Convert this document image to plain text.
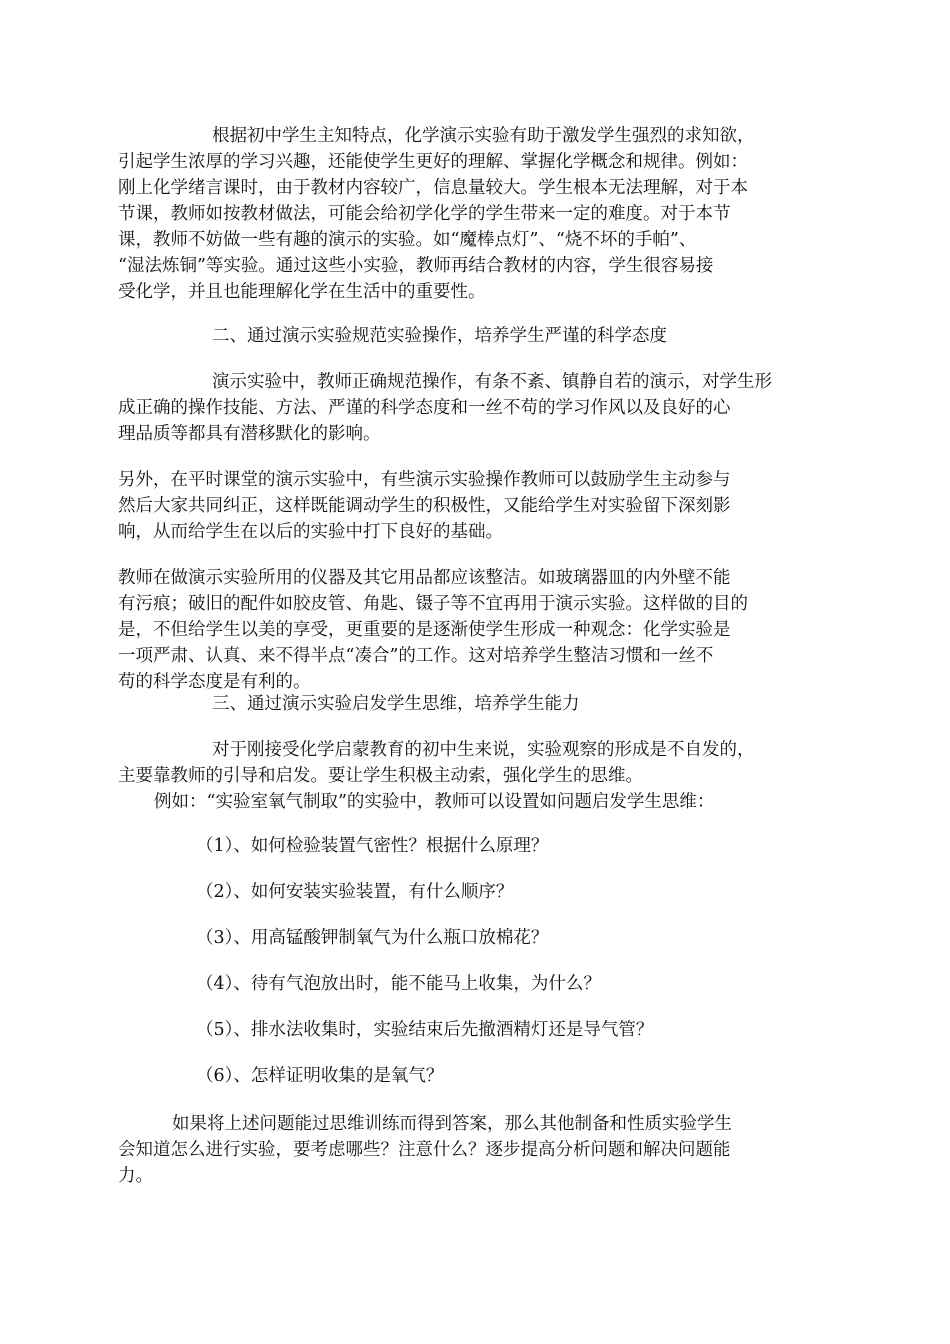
根据初中学生主知特点，化学演示实验有助于激发学生强烈的求知欲，
引起学生浓厚的学习兴趣，还能使学生更好的理解、掌握化学概念和规律。例如：
刚上化学绪言课时，由于教材内容较广，信息量较大。学生根本无法理解，对于本
节课，教师如按教材做法，可能会给初学化学的学生带来一定的难度。对于本节
课，教师不妨做一些有趣的演示的实验。如“魔棒点灯”、“烧不坏的手帕”、
“湿法炼铜”等实验。通过这些小实验，教师再结合教材的内容，学生很容易接
受化学，并且也能理解化学在生活中的重要性。
二、通过演示实验规范实验操作，培养学生严谨的科学态度
演示实验中，教师正确规范操作，有条不紊、镇静自若的演示，对学生形
成正确的操作技能、方法、严谨的科学态度和一丝不苟的学习作风以及良好的心
理品质等都具有潜移默化的影响。
另外，在平时课堂的演示实验中，有些演示实验操作教师可以鼓励学生主动参与
然后大家共同纠正，这样既能调动学生的积极性，又能给学生对实验留下深刻影
响，从而给学生在以后的实验中打下良好的基础。
教师在做演示实验所用的仪器及其它用品都应该整洁。如玻璃器皿的内外壁不能
有污痕；破旧的配件如胶皮管、角匙、镊子等不宜再用于演示实验。这样做的目的
是，不但给学生以美的享受，更重要的是逐渐使学生形成一种观念：化学实验是
一项严肃、认真、来不得半点“凑合”的工作。这对培养学生整洁习惯和一丝不
苟的科学态度是有利的。
三、通过演示实验启发学生思维，培养学生能力
对于刚接受化学启蒙教育的初中生来说，实验观察的形成是不自发的，
主要靠教师的引导和启发。要让学生积极主动索，强化学生的思维。
例如：“实验室氧气制取”的实验中，教师可以设置如问题启发学生思维：
（1）、如何检验装置气密性？根据什么原理？
（2）、如何安装实验装置，有什么顺序？
（3）、用高锰酸钾制氧气为什么瓶口放棉花？
（4）、待有气泡放出时，能不能马上收集，为什么？
（5）、排水法收集时，实验结束后先撤酒精灯还是导气管？
（6）、怎样证明收集的是氧气？
如果将上述问题能过思维训练而得到答案，那么其他制备和性质实验学生
会知道怎么进行实验，要考虑哪些？注意什么？逐步提高分析问题和解决问题能
力。
